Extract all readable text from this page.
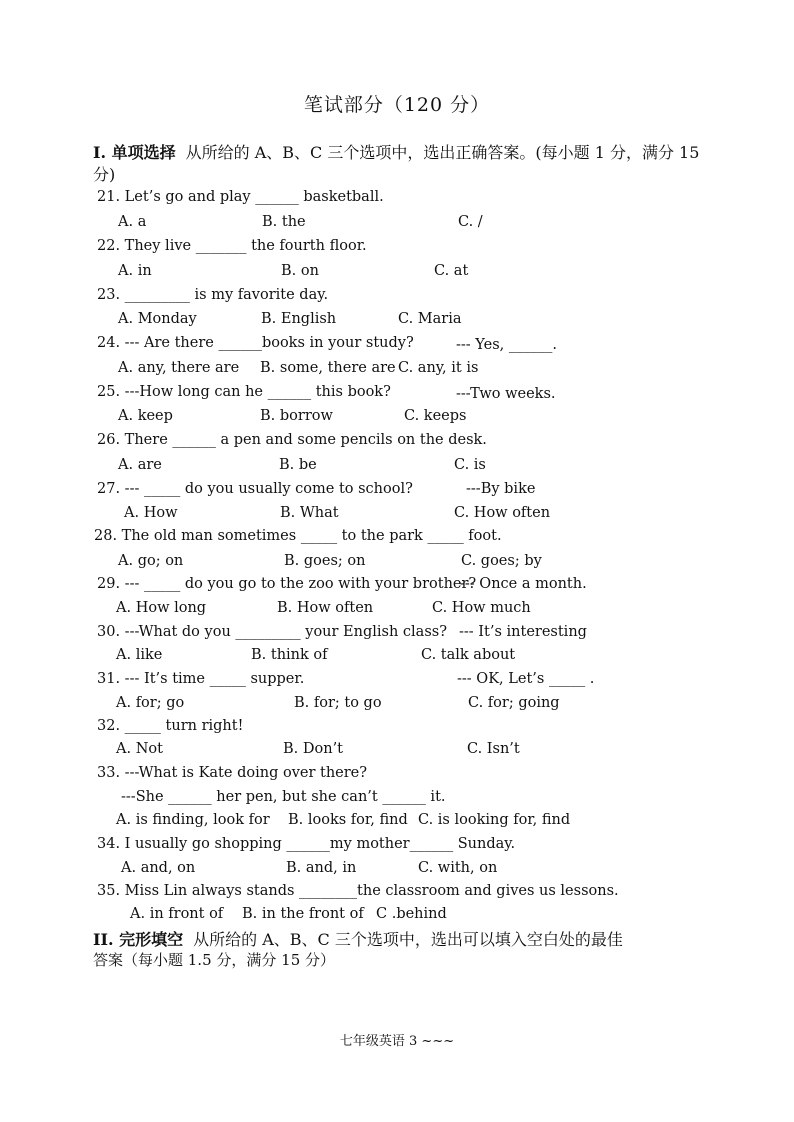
笔试部分（120 分）
I. 单项选择 从所给的 A、B、C 三个选项中，选出正确答案。(每小题 1 分，满分 15
分)
21. Let’s go and play ______ basketball.
A. a	B. the	C. /
22. They live _______ the fourth floor.
A. in	B. on	C. at
23. _________ is my favorite day.
A. Monday	B. English	C. Maria
24. --- Are there ______books in your study?	--- Yes, ______.
A. any, there are B. some, there are C. any, it is
25. ---How long can he ______ this book?	---Two weeks.
A. keep	B. borrow	C. keeps
26. There ______ a pen and some pencils on the desk.
A. are	B. be	C. is
27. --- _____ do you usually come to school?	---By bike
A. How	B. What	C. How often
28. The old man sometimes _____ to the park _____ foot.
A. go; on	B. goes; on	C. goes; by
29. --- _____ do you go to the zoo with your brother?
--- Once a month.
A. How long	B. How often	C. How much
30. ---What do you _________ your English class? --- It’s interesting
A. like	B. think of	C. talk about
31. --- It’s time _____ supper.	--- OK, Let’s _____ .
A. for; go	B. for; to go	C. for; going
32. _____ turn right!
A. Not	B. Don’t	C. Isn’t
33. ---What is Kate doing over there?
---She ______ her pen, but she can’t ______ it.
A. is finding, look for B. looks for, find C. is looking for, find
34. I usually go shopping ______my mother______ Sunday.
A. and, on	B. and, in	C. with, on
35. Miss Lin always stands ________the classroom and gives us lessons.
A. in front of B. in the front of C .behind
II. 完形填空 从所给的 A、B、C 三个选项中，选出可以填入空白处的最佳
答案（每小题 1.5 分，满分 15 分）
七年级英语 3 ~~~
